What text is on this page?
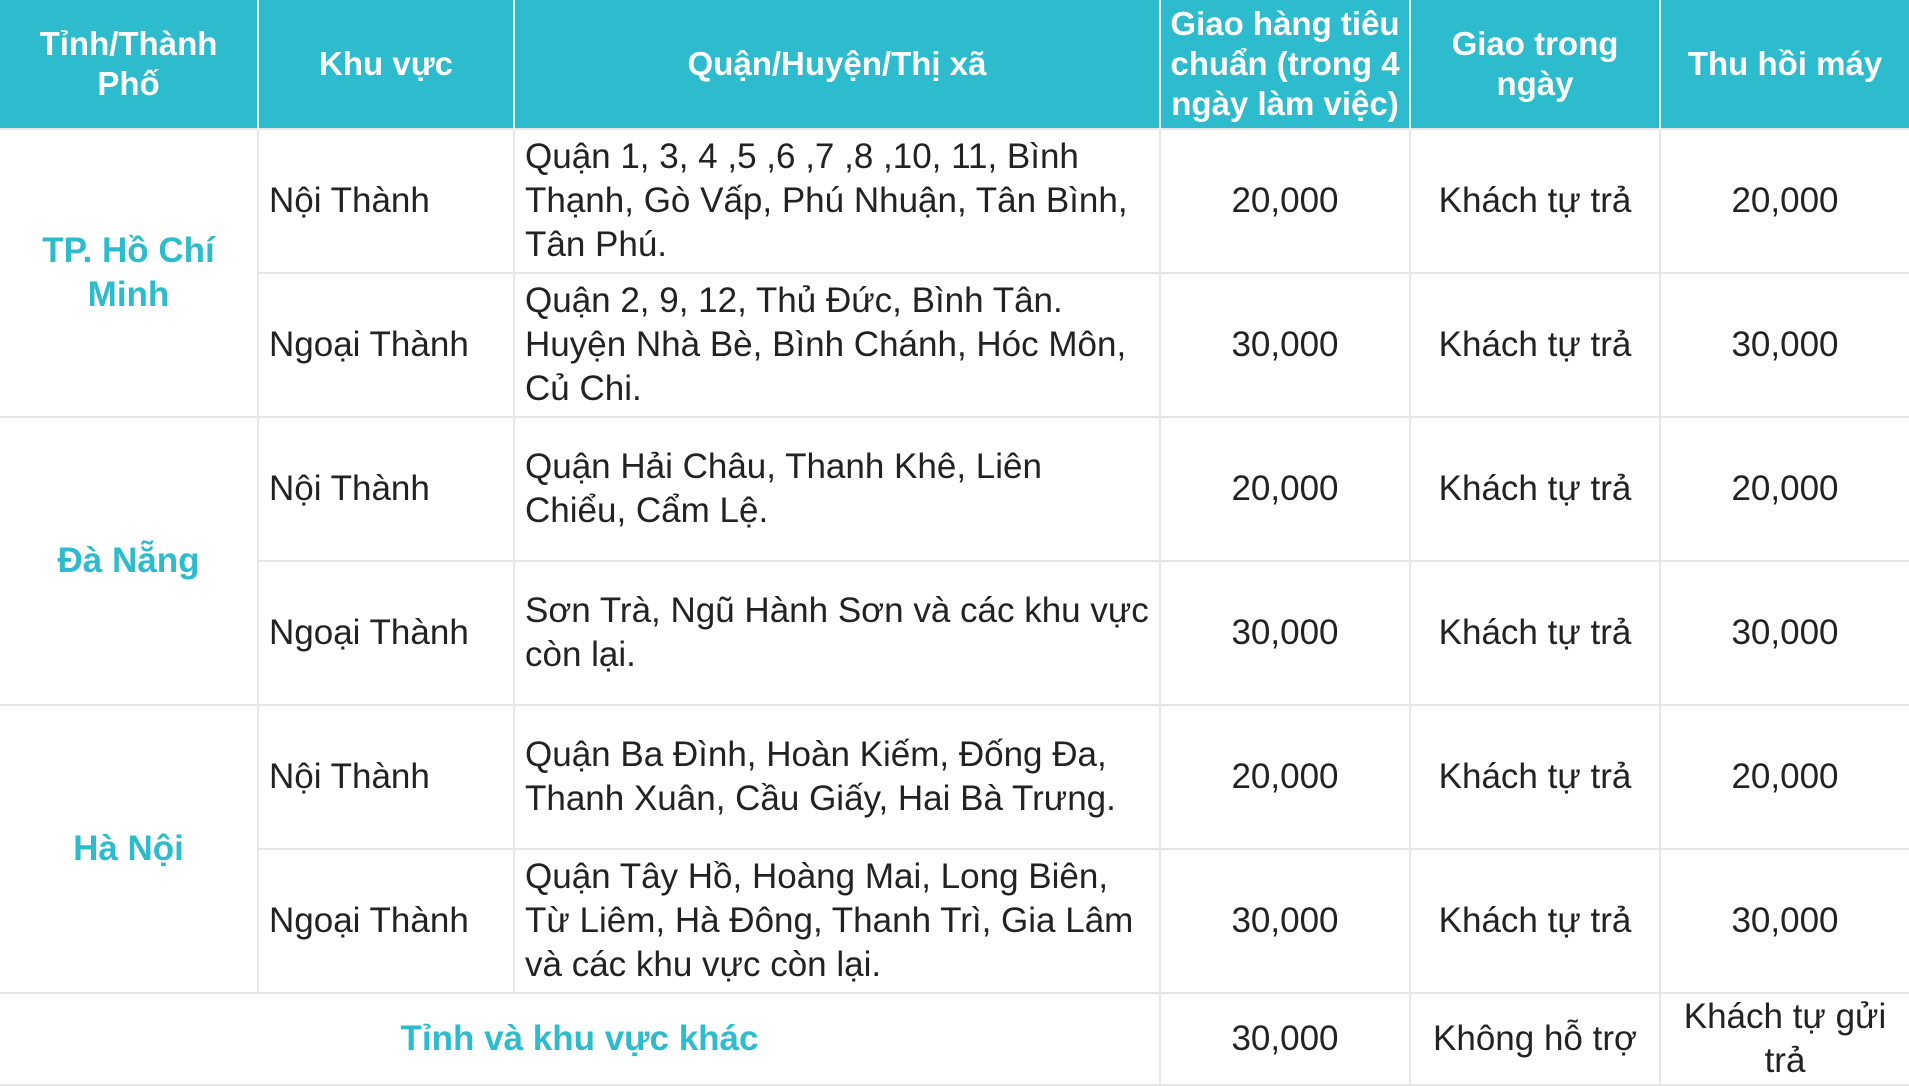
Tỉnh/Thành Phố	Khu vực	Quận/Huyện/Thị xã	Giao hàng tiêu chuẩn (trong 4 ngày làm việc)	Giao trong ngày	Thu hồi máy
TP. Hồ Chí Minh	Nội Thành	Quận 1, 3, 4 ,5 ,6 ,7 ,8 ,10, 11, Bình Thạnh, Gò Vấp, Phú Nhuận, Tân Bình, Tân Phú.	20,000	Khách tự trả	20,000
	Ngoại Thành	Quận 2, 9, 12, Thủ Đức, Bình Tân. Huyện Nhà Bè, Bình Chánh, Hóc Môn, Củ Chi.	30,000	Khách tự trả	30,000
Đà Nẵng	Nội Thành	Quận Hải Châu, Thanh Khê, Liên Chiểu, Cẩm Lệ.	20,000	Khách tự trả	20,000
	Ngoại Thành	Sơn Trà, Ngũ Hành Sơn và các khu vực còn lại.	30,000	Khách tự trả	30,000
Hà Nội	Nội Thành	Quận Ba Đình, Hoàn Kiếm, Đống Đa, Thanh Xuân, Cầu Giấy, Hai Bà Trưng.	20,000	Khách tự trả	20,000
	Ngoại Thành	Quận Tây Hồ, Hoàng Mai, Long Biên, Từ Liêm, Hà Đông, Thanh Trì, Gia Lâm và các khu vực còn lại.	30,000	Khách tự trả	30,000
Tỉnh và khu vực khác			30,000	Không hỗ trợ	Khách tự gửi trả
